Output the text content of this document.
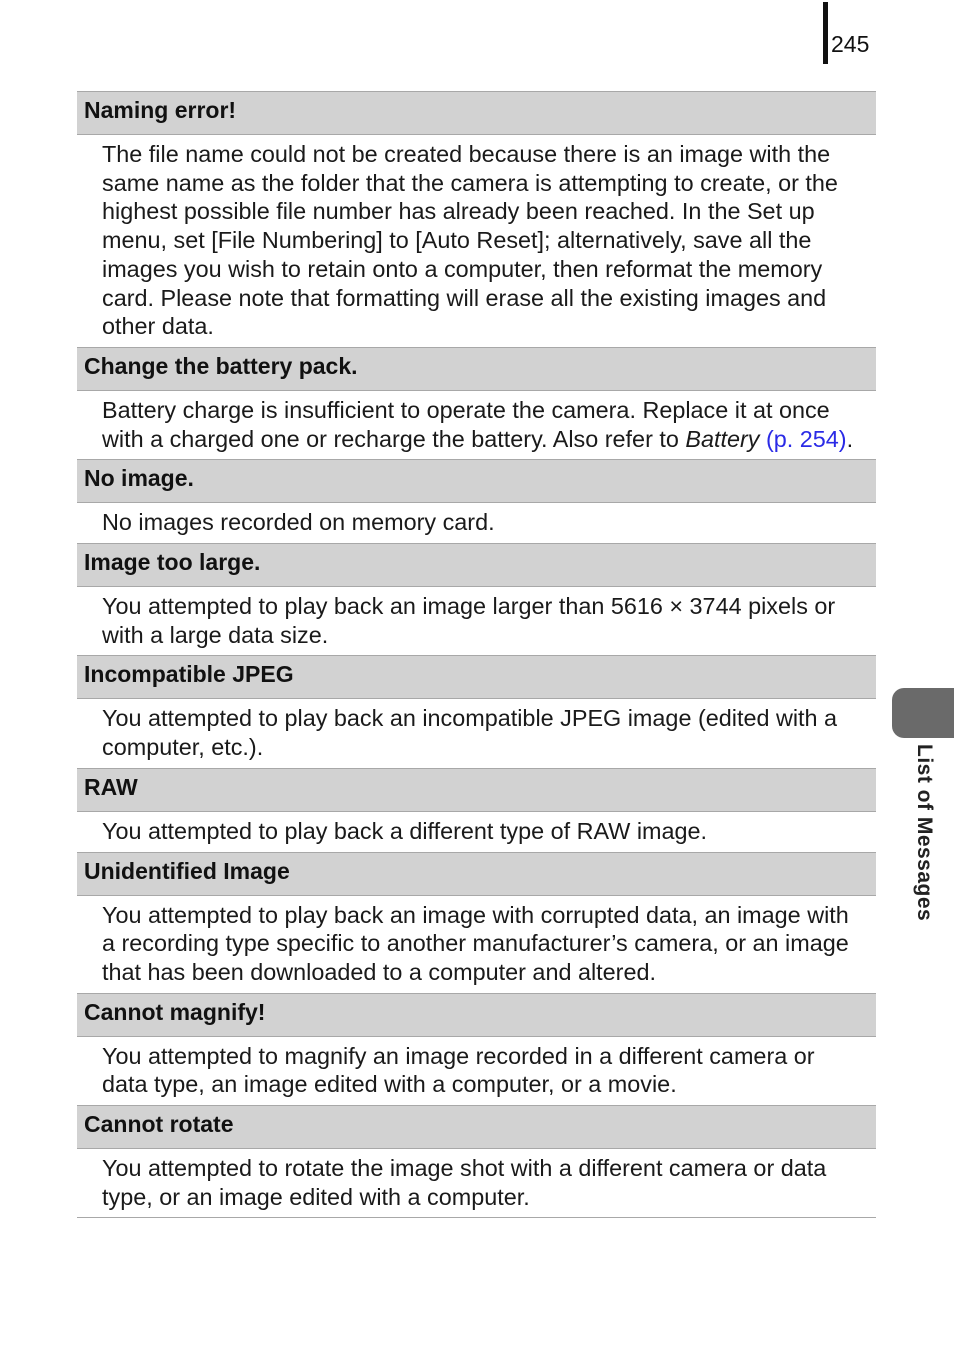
245
Naming error!
The file name could not be created because there is an image with the same name as the folder that the camera is attempting to create, or the highest possible file number has already been reached. In the Set up menu, set [File Numbering] to [Auto Reset]; alternatively, save all the images you wish to retain onto a computer, then reformat the memory card. Please note that formatting will erase all the existing images and other data.
Change the battery pack.
Battery charge is insufficient to operate the camera. Replace it at once with a charged one or recharge the battery. Also refer to Battery (p. 254).
No image.
No images recorded on memory card.
Image too large.
You attempted to play back an image larger than 5616 × 3744 pixels or with a large data size.
Incompatible JPEG
You attempted to play back an incompatible JPEG image (edited with a computer, etc.).
RAW
You attempted to play back a different type of RAW image.
Unidentified Image
You attempted to play back an image with corrupted data, an image with a recording type specific to another manufacturer’s camera, or an image that has been downloaded to a computer and altered.
Cannot magnify!
You attempted to magnify an image recorded in a different camera or data type, an image edited with a computer, or a movie.
Cannot rotate
You attempted to rotate the image shot with a different camera or data type, or an image edited with a computer.
List of Messages
